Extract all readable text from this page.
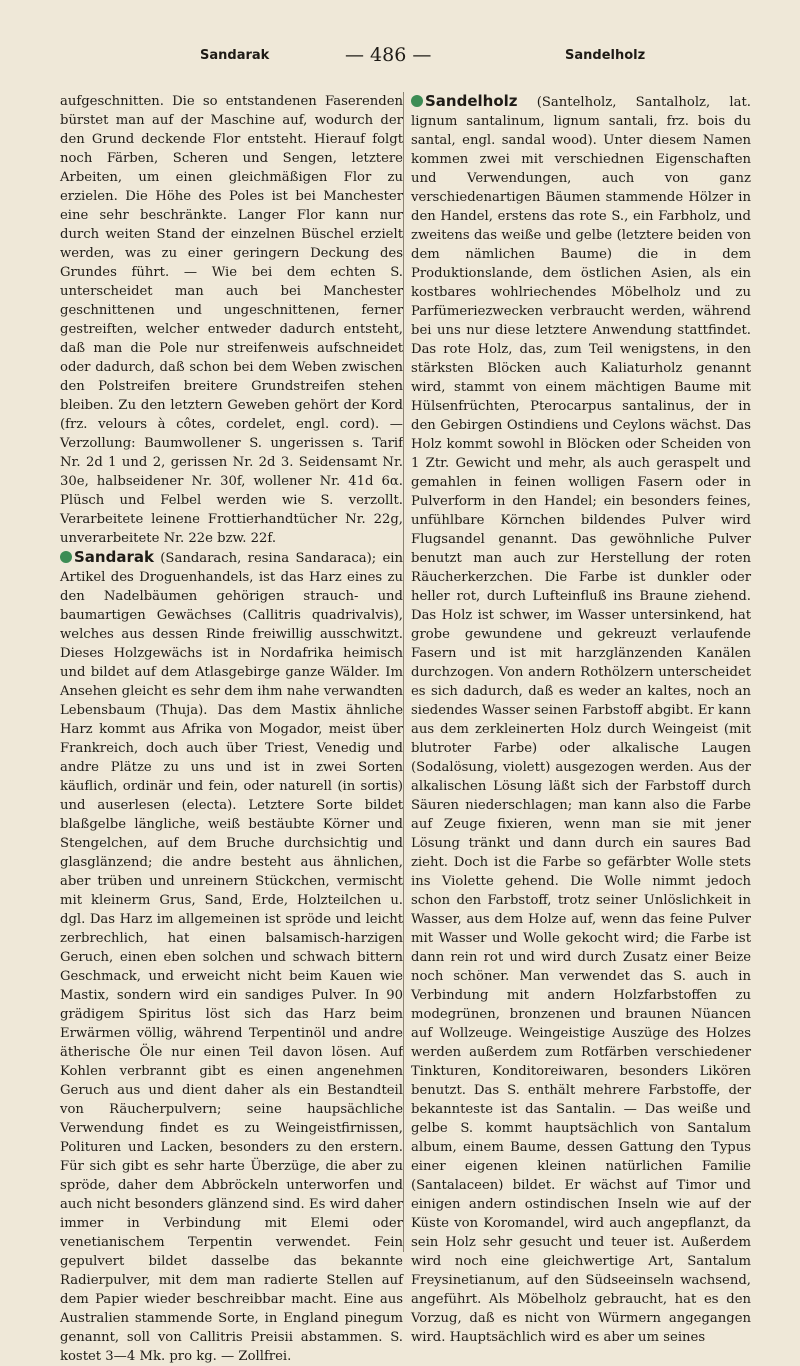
Sandarak	— 486 —	Sandelholz

aufgeschnitten. Die so entstandenen Faserenden bürstet man auf der Maschine auf, wodurch der den Grund deckende Flor entsteht. Hierauf folgt noch Färben, Scheren und Sengen, letztere Arbeiten, um einen gleichmäßigen Flor zu erzielen. Die Höhe des Poles ist bei Manchester eine sehr beschränkte. Langer Flor kann nur durch weiten Stand der einzelnen Büschel erzielt werden, was zu einer geringern Deckung des Grundes führt. — Wie bei dem echten S. unterscheidet man auch bei Manchester geschnittenen und ungeschnittenen, ferner gestreiften, welcher entweder dadurch entsteht, daß man die Pole nur streifenweis aufschneidet oder dadurch, daß schon bei dem Weben zwischen den Polstreifen breitere Grundstreifen stehen bleiben. Zu den letztern Geweben gehört der Kord (frz. velours à côtes, cordelet, engl. cord). — Verzollung: Baumwollener S. ungerissen s. Tarif Nr. 2d 1 und 2, gerissen Nr. 2d 3. Seidensamt Nr. 30e, halbseidener Nr. 30f, wollener Nr. 41d 6α. Plüsch und Felbel werden wie S. verzollt. Verarbeitete leinene Frottierhandtücher Nr. 22g, unverarbeitete Nr. 22e bzw. 22f.

Sandarak (Sandarach, resina Sandaraca); ein Artikel des Droguenhandels, ist das Harz eines zu den Nadelbäumen gehörigen strauch- und baumartigen Gewächses (Callitris quadrivalvis), welches aus dessen Rinde freiwillig ausschwitzt. Dieses Holzgewächs ist in Nordafrika heimisch und bildet auf dem Atlasgebirge ganze Wälder. Im Ansehen gleicht es sehr dem ihm nahe verwandten Lebensbaum (Thuja). Das dem Mastix ähnliche Harz kommt aus Afrika von Mogador, meist über Frankreich, doch auch über Triest, Venedig und andre Plätze zu uns und ist in zwei Sorten käuflich, ordinär und fein, oder naturell (in sortis) und auserlesen (electa). Letztere Sorte bildet blaßgelbe längliche, weiß bestäubte Körner und Stengelchen, auf dem Bruche durchsichtig und glasglänzend; die andre besteht aus ähnlichen, aber trüben und unreinern Stückchen, vermischt mit kleinerm Grus, Sand, Erde, Holzteilchen u. dgl. Das Harz im allgemeinen ist spröde und leicht zerbrechlich, hat einen balsamisch-harzigen Geruch, einen eben solchen und schwach bittern Geschmack, und erweicht nicht beim Kauen wie Mastix, sondern wird ein sandiges Pulver. In 90 grädigem Spiritus löst sich das Harz beim Erwärmen völlig, während Terpentinöl und andre ätherische Öle nur einen Teil davon lösen. Auf Kohlen verbrannt gibt es einen angenehmen Geruch aus und dient daher als ein Bestandteil von Räucherpulvern; seine haupsächliche Verwendung findet es zu Weingeistfirnissen, Polituren und Lacken, besonders zu den erstern. Für sich gibt es sehr harte Überzüge, die aber zu spröde, daher dem Abbröckeln unterworfen und auch nicht besonders glänzend sind. Es wird daher immer in Verbindung mit Elemi oder venetianischem Terpentin verwendet. Fein gepulvert bildet dasselbe das bekannte Radierpulver, mit dem man radierte Stellen auf dem Papier wieder beschreibbar macht. Eine aus Australien stammende Sorte, in England pinegum genannt, soll von Callitris Preisii abstammen. S. kostet 3—4 Mk. pro kg. — Zollfrei.

Sandelholz (Santelholz, Santalholz, lat. lignum santalinum, lignum santali, frz. bois du santal, engl. sandal wood). Unter diesem Namen kommen zwei mit verschiednen Eigenschaften und Verwendungen, auch von ganz verschiedenartigen Bäumen stammende Hölzer in den Handel, erstens das rote S., ein Farbholz, und zweitens das weiße und gelbe (letztere beiden von dem nämlichen Baume) die in dem Produktionslande, dem östlichen Asien, als ein kostbares wohlriechendes Möbelholz und zu Parfümeriezwecken verbraucht werden, während bei uns nur diese letztere Anwendung stattfindet. Das rote Holz, das, zum Teil wenigstens, in den stärksten Blöcken auch Kaliaturholz genannt wird, stammt von einem mächtigen Baume mit Hülsenfrüchten, Pterocarpus santalinus, der in den Gebirgen Ostindiens und Ceylons wächst. Das Holz kommt sowohl in Blöcken oder Scheiden von 1 Ztr. Gewicht und mehr, als auch geraspelt und gemahlen in feinen wolligen Fasern oder in Pulverform in den Handel; ein besonders feines, unfühlbare Körnchen bildendes Pulver wird Flugsandel genannt. Das gewöhnliche Pulver benutzt man auch zur Herstellung der roten Räucherkerzchen. Die Farbe ist dunkler oder heller rot, durch Lufteinfluß ins Braune ziehend. Das Holz ist schwer, im Wasser untersinkend, hat grobe gewundene und gekreuzt verlaufende Fasern und ist mit harzglänzenden Kanälen durchzogen. Von andern Rothölzern unterscheidet es sich dadurch, daß es weder an kaltes, noch an siedendes Wasser seinen Farbstoff abgibt. Er kann aus dem zerkleinerten Holz durch Weingeist (mit blutroter Farbe) oder alkalische Laugen (Sodalösung, violett) ausgezogen werden. Aus der alkalischen Lösung läßt sich der Farbstoff durch Säuren niederschlagen; man kann also die Farbe auf Zeuge fixieren, wenn man sie mit jener Lösung tränkt und dann durch ein saures Bad zieht. Doch ist die Farbe so gefärbter Wolle stets ins Violette gehend. Die Wolle nimmt jedoch schon den Farbstoff, trotz seiner Unlöslichkeit in Wasser, aus dem Holze auf, wenn das feine Pulver mit Wasser und Wolle gekocht wird; die Farbe ist dann rein rot und wird durch Zusatz einer Beize noch schöner. Man verwendet das S. auch in Verbindung mit andern Holzfarbstoffen zu modegrünen, bronzenen und braunen Nüancen auf Wollzeuge. Weingeistige Auszüge des Holzes werden außerdem zum Rotfärben verschiedener Tinkturen, Konditoreiwaren, besonders Likören benutzt. Das S. enthält mehrere Farbstoffe, der bekannteste ist das Santalin. — Das weiße und gelbe S. kommt hauptsächlich von Santalum album, einem Baume, dessen Gattung den Typus einer eigenen kleinen natürlichen Familie (Santalaceen) bildet. Er wächst auf Timor und einigen andern ostindischen Inseln wie auf der Küste von Koromandel, wird auch angepflanzt, da sein Holz sehr gesucht und teuer ist. Außerdem wird noch eine gleichwertige Art, Santalum Freysinetianum, auf den Südseeinseln wachsend, angeführt. Als Möbelholz gebraucht, hat es den Vorzug, daß es nicht von Würmern angegangen wird. Hauptsächlich wird es aber um seines
